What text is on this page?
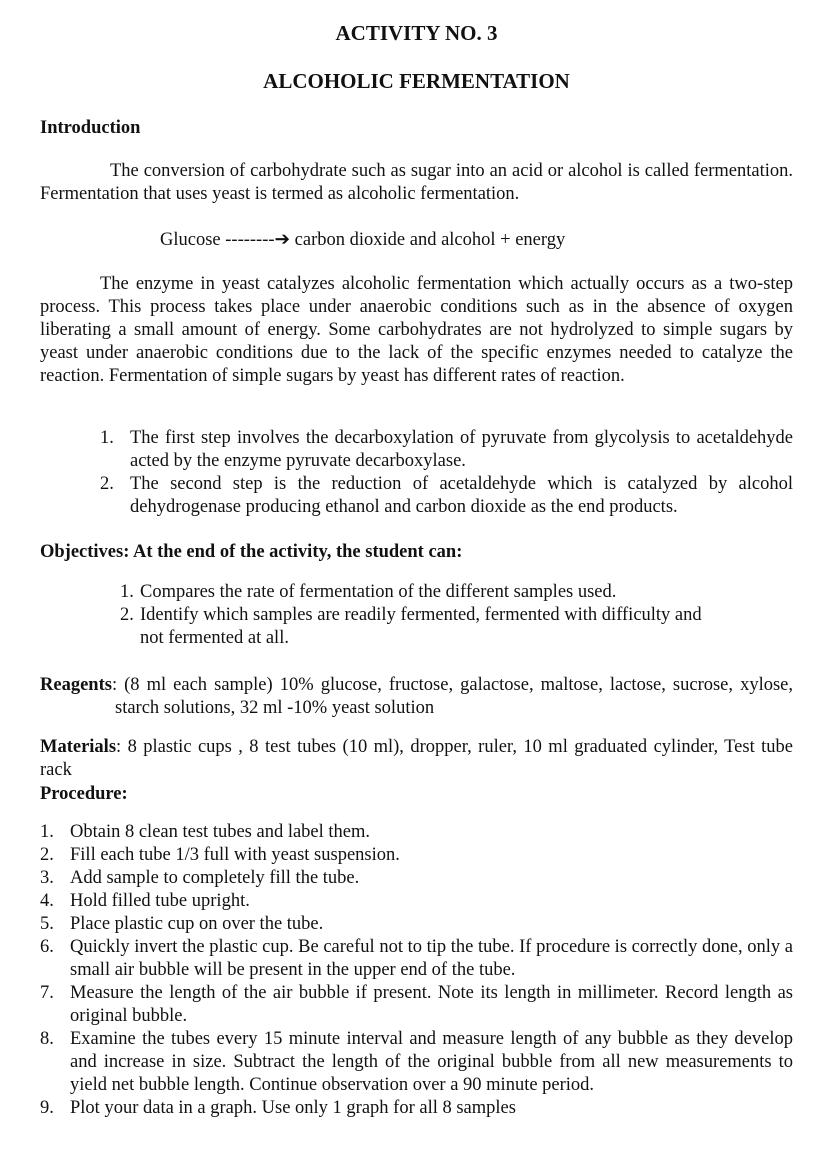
ACTIVITY NO. 3
ALCOHOLIC FERMENTATION
Introduction
The conversion of carbohydrate such as sugar into an acid or alcohol is called fermentation. Fermentation that uses yeast is termed as alcoholic fermentation.
Glucose --------➔ carbon dioxide and alcohol + energy
The enzyme in yeast catalyzes alcoholic fermentation which actually occurs as a two-step process. This process takes place under anaerobic conditions such as in the absence of oxygen liberating a small amount of energy. Some carbohydrates are not hydrolyzed to simple sugars by yeast under anaerobic conditions due to the lack of the specific enzymes needed to catalyze the reaction. Fermentation of simple sugars by yeast has different rates of reaction.
1. The first step involves the decarboxylation of pyruvate from glycolysis to acetaldehyde acted by the enzyme pyruvate decarboxylase.
2. The second step is the reduction of acetaldehyde which is catalyzed by alcohol dehydrogenase producing ethanol and carbon dioxide as the end products.
Objectives: At the end of the activity, the student can:
1. Compares the rate of fermentation of the different samples used.
2. Identify which samples are readily fermented, fermented with difficulty and not fermented at all.
Reagents: (8 ml each sample) 10% glucose, fructose, galactose, maltose, lactose, sucrose, xylose, starch solutions, 32 ml -10% yeast solution
Materials: 8 plastic cups , 8 test tubes (10 ml), dropper, ruler, 10 ml graduated cylinder, Test tube rack
Procedure:
1. Obtain 8 clean test tubes and label them.
2. Fill each tube 1/3 full with yeast suspension.
3. Add sample to completely fill the tube.
4. Hold filled tube upright.
5. Place plastic cup on over the tube.
6. Quickly invert the plastic cup. Be careful not to tip the tube. If procedure is correctly done, only a small air bubble will be present in the upper end of the tube.
7. Measure the length of the air bubble if present. Note its length in millimeter. Record length as original bubble.
8. Examine the tubes every 15 minute interval and measure length of any bubble as they develop and increase in size. Subtract the length of the original bubble from all new measurements to yield net bubble length. Continue observation over a 90 minute period.
9. Plot your data in a graph. Use only 1 graph for all 8 samples
